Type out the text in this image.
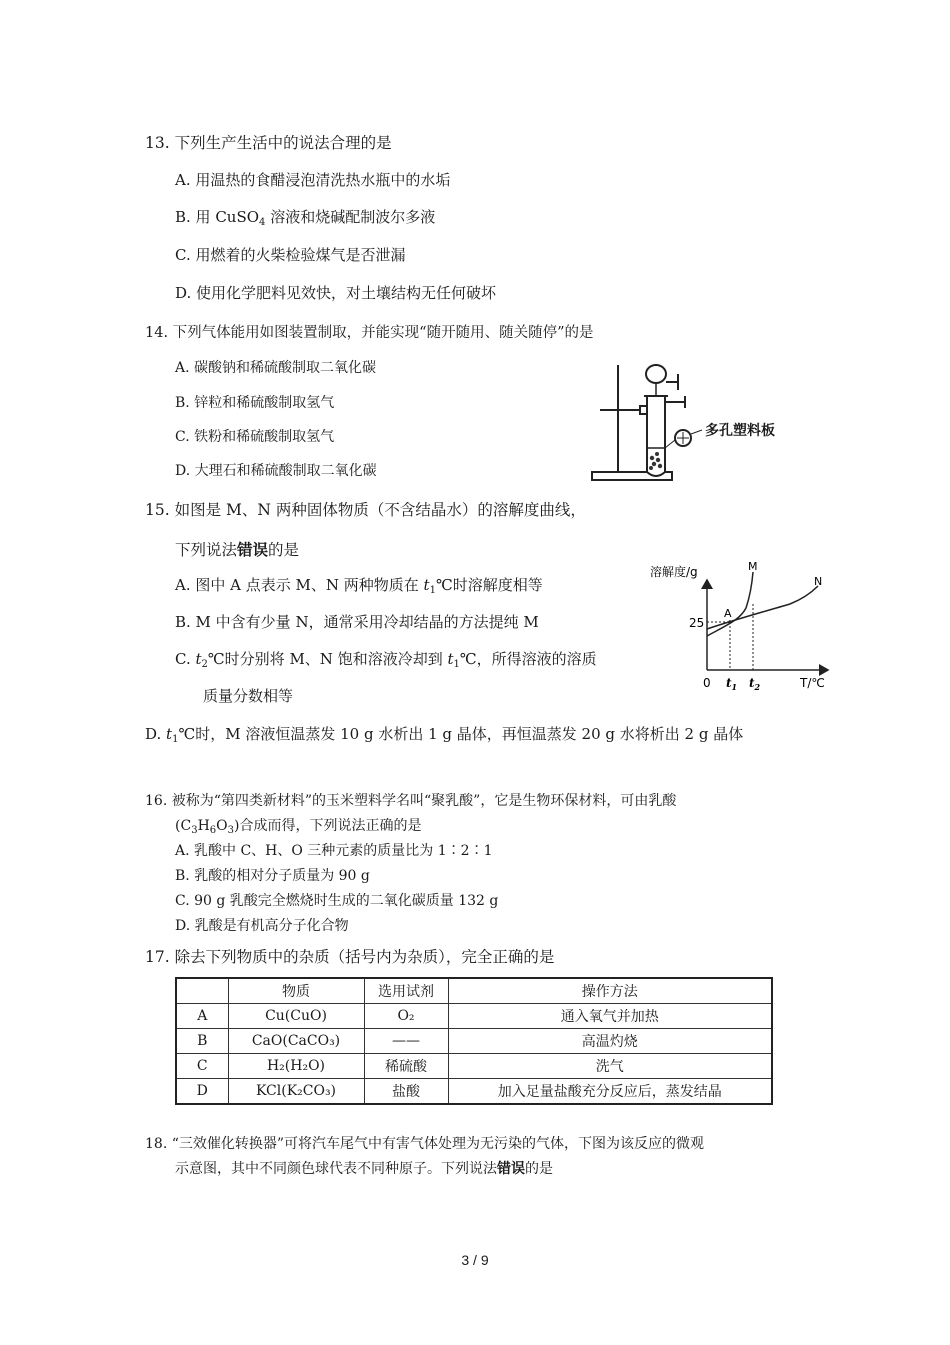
13. 下列生产生活中的说法合理的是
A. 用温热的食醋浸泡清洗热水瓶中的水垢
B. 用 CuSO$_4$ 溶液和烧碱配制波尔多液
C. 用燃着的火柴检验煤气是否泄漏
D. 使用化学肥料见效快，对土壤结构无任何破坏
14. 下列气体能用如图装置制取，并能实现“随开随用、随关随停”的是
A. 碳酸钠和稀硫酸制取二氧化碳
B. 锌粒和稀硫酸制取氢气
C. 铁粉和稀硫酸制取氢气
D. 大理石和稀硫酸制取二氧化碳
多孔塑料板
15. 如图是 M、N 两种固体物质（不含结晶水）的溶解度曲线，
下列说法错误的是
A. 图中 A 点表示 M、N 两种物质在 $t_1℃$时溶解度相等
B. M 中含有少量 N，通常采用冷却结晶的方法提纯 M
C. $t_2℃$时分别将 M、N 饱和溶液冷却到 $t_1℃$，所得溶液的溶质
质量分数相等
D. $t_1℃$时，M 溶液恒温蒸发 10 g 水析出 1 g 晶体，再恒温蒸发 20 g 水将析出 2 g 晶体
溶解度/g
25
0	T/℃
M
N
A
$t_1$ $t_2$
16. 被称为“第四类新材料”的玉米塑料学名叫“聚乳酸”，它是生物环保材料，可由乳酸
$(C_3H_6O_3)$合成而得，下列说法正确的是
A. 乳酸中 C、H、O 三种元素的质量比为 1∶2∶1
B. 乳酸的相对分子质量为 90 g
C. 90 g 乳酸完全燃烧时生成的二氧化碳质量 132 g
D. 乳酸是有机高分子化合物
17. 除去下列物质中的杂质（括号内为杂质），完全正确的是
	物质	选用试剂	操作方法
A	Cu(CuO)	O₂	通入氧气并加热
B	CaO(CaCO₃)	——	高温灼烧
C	H₂(H₂O)	稀硫酸	洗气
D	KCl(K₂CO₃)	盐酸	加入足量盐酸充分反应后，蒸发结晶
18. “三效催化转换器”可将汽车尾气中有害气体处理为无污染的气体，下图为该反应的微观
示意图，其中不同颜色球代表不同种原子。下列说法错误的是
3 / 9
